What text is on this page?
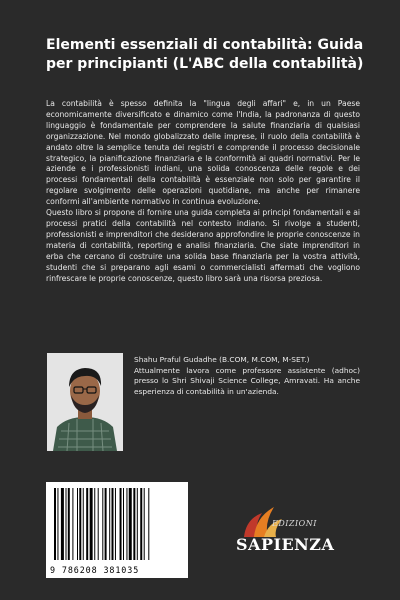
Elementi essenziali di contabilità: Guida per principianti (L'ABC della contabilità)

La contabilità è spesso definita la "lingua degli affari" e, in un Paese economicamente diversificato e dinamico come l'India, la padronanza di questo linguaggio è fondamentale per comprendere la salute finanziaria di qualsiasi organizzazione. Nel mondo globalizzato delle imprese, il ruolo della contabilità è andato oltre la semplice tenuta dei registri e comprende il processo decisionale strategico, la pianificazione finanziaria e la conformità ai quadri normativi. Per le aziende e i professionisti indiani, una solida conoscenza delle regole e dei processi fondamentali della contabilità è essenziale non solo per garantire il regolare svolgimento delle operazioni quotidiane, ma anche per rimanere conformi all'ambiente normativo in continua evoluzione.

Questo libro si propone di fornire una guida completa ai principi fondamentali e ai processi pratici della contabilità nel contesto indiano. Si rivolge a studenti, professionisti e imprenditori che desiderano approfondire le proprie conoscenze in materia di contabilità, reporting e analisi finanziaria. Che siate imprenditori in erba che cercano di costruire una solida base finanziaria per la vostra attività, studenti che si preparano agli esami o commercialisti affermati che vogliono rinfrescare le proprie conoscenze, questo libro sarà una risorsa preziosa.

Shahu Praful Gudadhe (B.COM, M.COM, M-SET.)

Attualmente lavora come professore assistente (adhoc) presso lo Shri Shivaji Science College, Amravati. Ha anche esperienza di contabilità in un'azienda.

9 786208 381035
EDIZIONI
SAPIENZA
